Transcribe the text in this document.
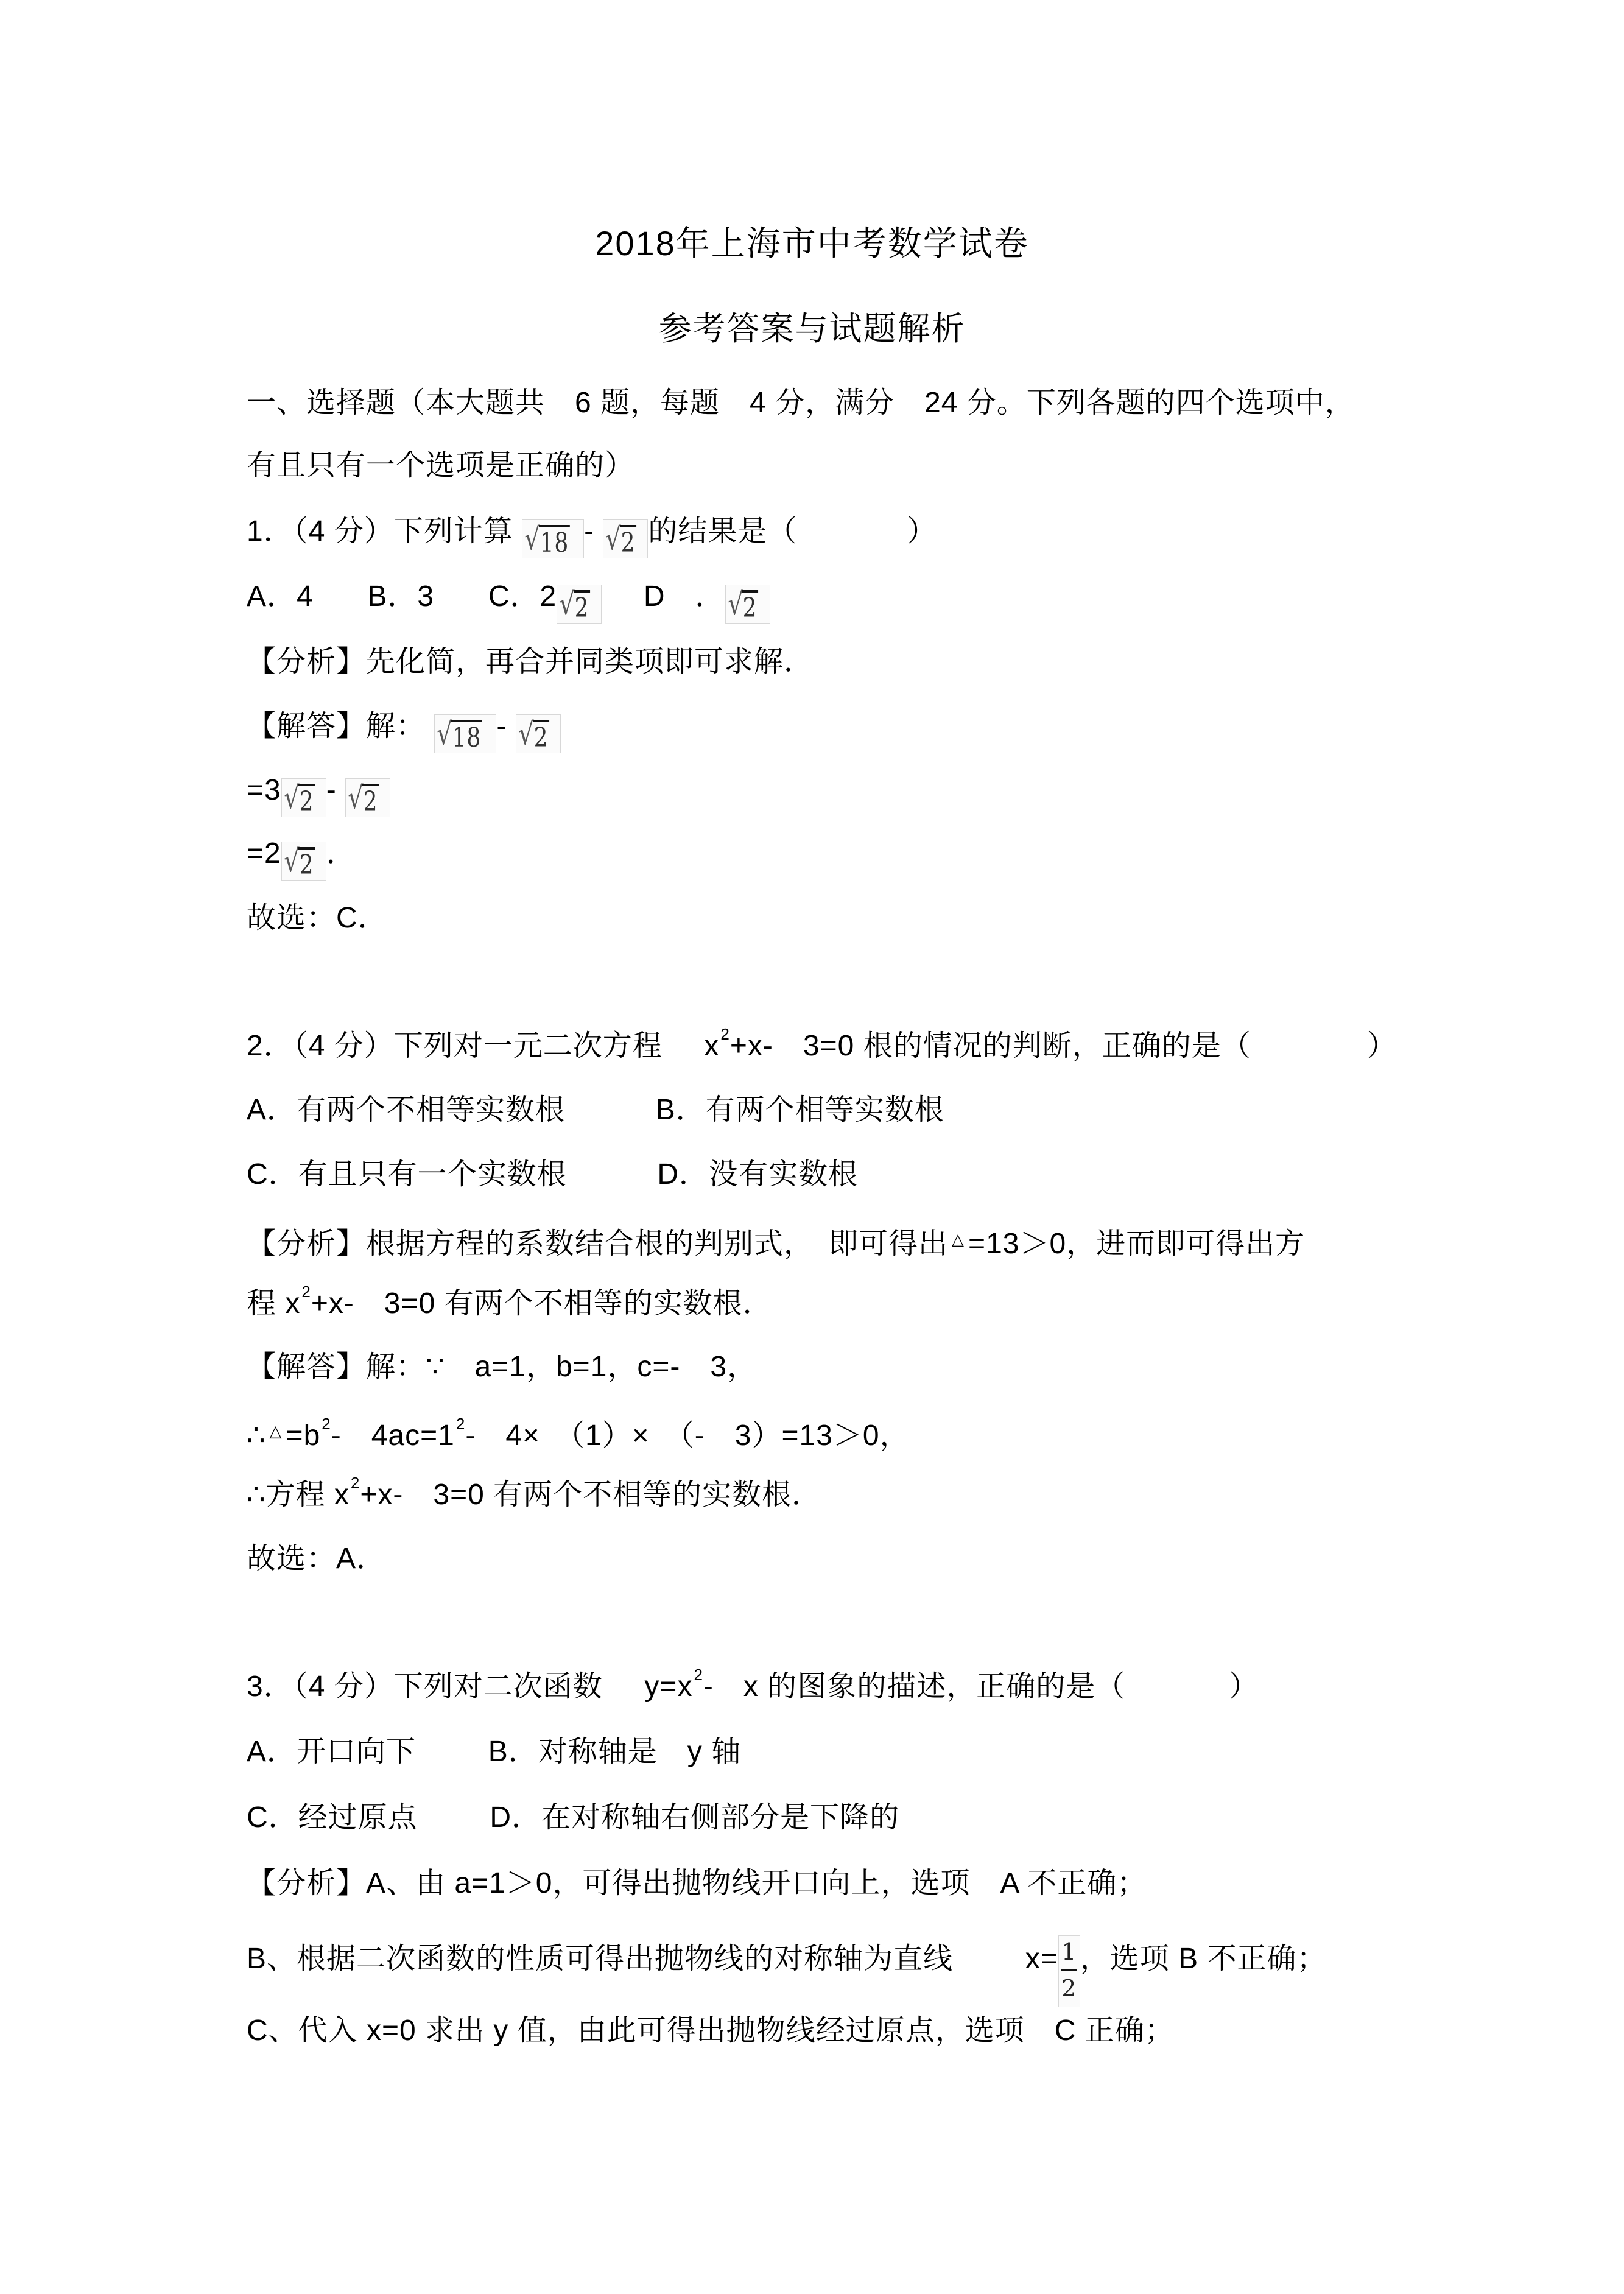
2018年上海市中考数学试卷
参考答案与试题解析
一、选择题（本大题共　6 题，每题　4 分，满分　24 分。下列各题的四个选项中，
有且只有一个选项是正确的）
1．（4 分）下列计算 √18 - √2 的结果是（	）
A．4 B．3 C．2√2 D　．√2
【分析】先化简，再合并同类项即可求解．
【解答】解： √18 - √2
=3√2 - √2
=2√2 ．
故选：C．
2．（4 分）下列对一元二次方程 $x^2+x-$　3=0 根的情况的判断，正确的是（	）
A．有两个不相等实数根	B．有两个相等实数根
C．有且只有一个实数根	D．没有实数根
【分析】根据方程的系数结合根的判别式，　即可得出 △ =13＞0，进而即可得出方
程 $x^2+x-$　3=0 有两个不相等的实数根．
【解答】解：∵　a=1，b=1，c=-　3，
∴ $^\triangle =b^2-$　$4ac=1^2-$　4×　（1）×　（-　3）=13＞0，
∴方程 $x^2+x-$　3=0 有两个不相等的实数根．
故选：A．
3．（4 分）下列对二次函数 $y=x^2-$　x 的图象的描述，正确的是（	）
A．开口向下 B．对称轴是　y 轴
C．经过原点 D．在对称轴右侧部分是下降的
【分析】A、由 a=1＞0，可得出抛物线开口向上，选项　A 不正确；
B、根据二次函数的性质可得出抛物线的对称轴为直线 $x= \frac{1}{2}$ ，选项 B 不正确；
C、代入 x=0 求出 y 值，由此可得出抛物线经过原点，选项　C 正确；
